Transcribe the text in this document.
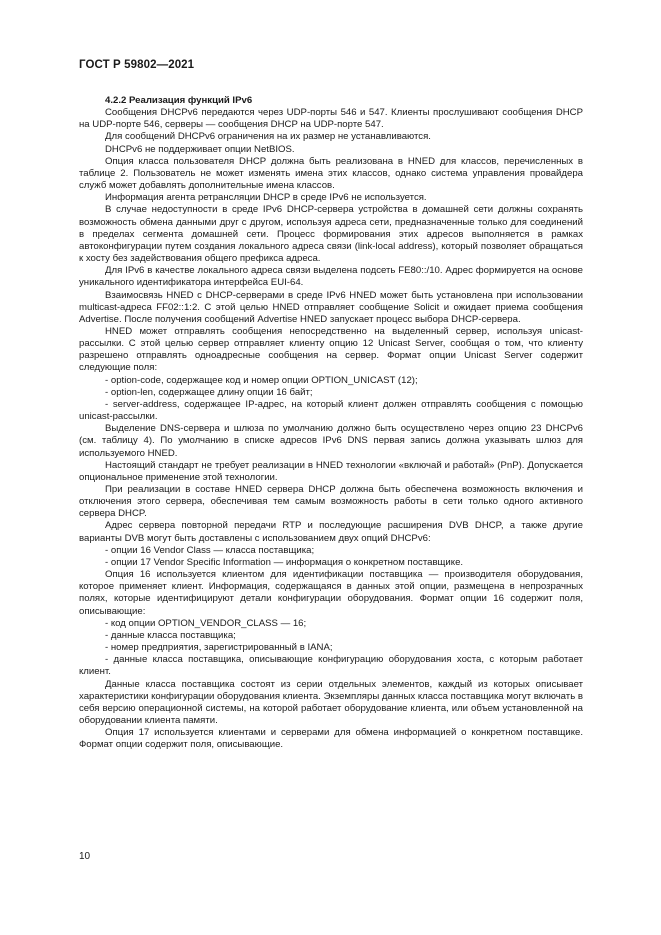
ГОСТ Р 59802—2021

4.2.2 Реализация функций IPv6

Сообщения DHCPv6 передаются через UDP-порты 546 и 547. Клиенты прослушивают сообщения DHCP на UDP-порте 546, серверы — сообщения DHCP на UDP-порте 547.

Для сообщений DHCPv6 ограничения на их размер не устанавливаются.

DHCPv6 не поддерживает опции NetBIOS.

Опция класса пользователя DHCP должна быть реализована в HNED для классов, перечисленных в таблице 2. Пользователь не может изменять имена этих классов, однако система управления провайдера служб может добавлять дополнительные имена классов.

Информация агента ретрансляции DHCP в среде IPv6 не используется.

В случае недоступности в среде IPv6 DHCP-сервера устройства в домашней сети должны сохранять возможность обмена данными друг с другом, используя адреса сети, предназначенные только для соединений в пределах сегмента домашней сети. Процесс формирования этих адресов выполняется в рамках автоконфигурации путем создания локального адреса связи (link-local address), который позволяет обращаться к хосту без задействования общего префикса адреса.

Для IPv6 в качестве локального адреса связи выделена подсеть FE80::/10. Адрес формируется на основе уникального идентификатора интерфейса EUI-64.

Взаимосвязь HNED с DHCP-серверами в среде IPv6 HNED может быть установлена при использовании multicast-адреса FF02::1:2. С этой целью HNED отправляет сообщение Solicit и ожидает приема сообщения Advertise. После получения сообщений Advertise HNED запускает процесс выбора DHCP-сервера.

HNED может отправлять сообщения непосредственно на выделенный сервер, используя unicast-рассылки. С этой целью сервер отправляет клиенту опцию 12 Unicast Server, сообщая о том, что клиенту разрешено отправлять одноадресные сообщения на сервер. Формат опции Unicast Server содержит следующие поля:

- option-code, содержащее код и номер опции OPTION_UNICAST (12);

- option-len, содержащее длину опции 16 байт;

- server-address, содержащее IP-адрес, на который клиент должен отправлять сообщения с помощью unicast-рассылки.

Выделение DNS-сервера и шлюза по умолчанию должно быть осуществлено через опцию 23 DHCPv6 (см. таблицу 4). По умолчанию в списке адресов IPv6 DNS первая запись должна указывать шлюз для используемого HNED.

Настоящий стандарт не требует реализации в HNED технологии «включай и работай» (PnP). Допускается опциональное применение этой технологии.

При реализации в составе HNED сервера DHCP должна быть обеспечена возможность включения и отключения этого сервера, обеспечивая тем самым возможность работы в сети только одного активного сервера DHCP.

Адрес сервера повторной передачи RTP и последующие расширения DVB DHCP, а также другие варианты DVB могут быть доставлены с использованием двух опций DHCPv6:

- опции 16 Vendor Class — класса поставщика;

- опции 17 Vendor Specific Information — информация о конкретном поставщике.

Опция 16 используется клиентом для идентификации поставщика — производителя оборудования, которое применяет клиент. Информация, содержащаяся в данных этой опции, размещена в непрозрачных полях, которые идентифицируют детали конфигурации оборудования. Формат опции 16 содержит поля, описывающие:

- код опции OPTION_VENDOR_CLASS — 16;

- данные класса поставщика;

- номер предприятия, зарегистрированный в IANA;

- данные класса поставщика, описывающие конфигурацию оборудования хоста, с которым работает клиент.

Данные класса поставщика состоят из серии отдельных элементов, каждый из которых описывает характеристики конфигурации оборудования клиента. Экземпляры данных класса поставщика могут включать в себя версию операционной системы, на которой работает оборудование клиента, или объем установленной на оборудовании клиента памяти.

Опция 17 используется клиентами и серверами для обмена информацией о конкретном поставщике. Формат опции содержит поля, описывающие.

10
